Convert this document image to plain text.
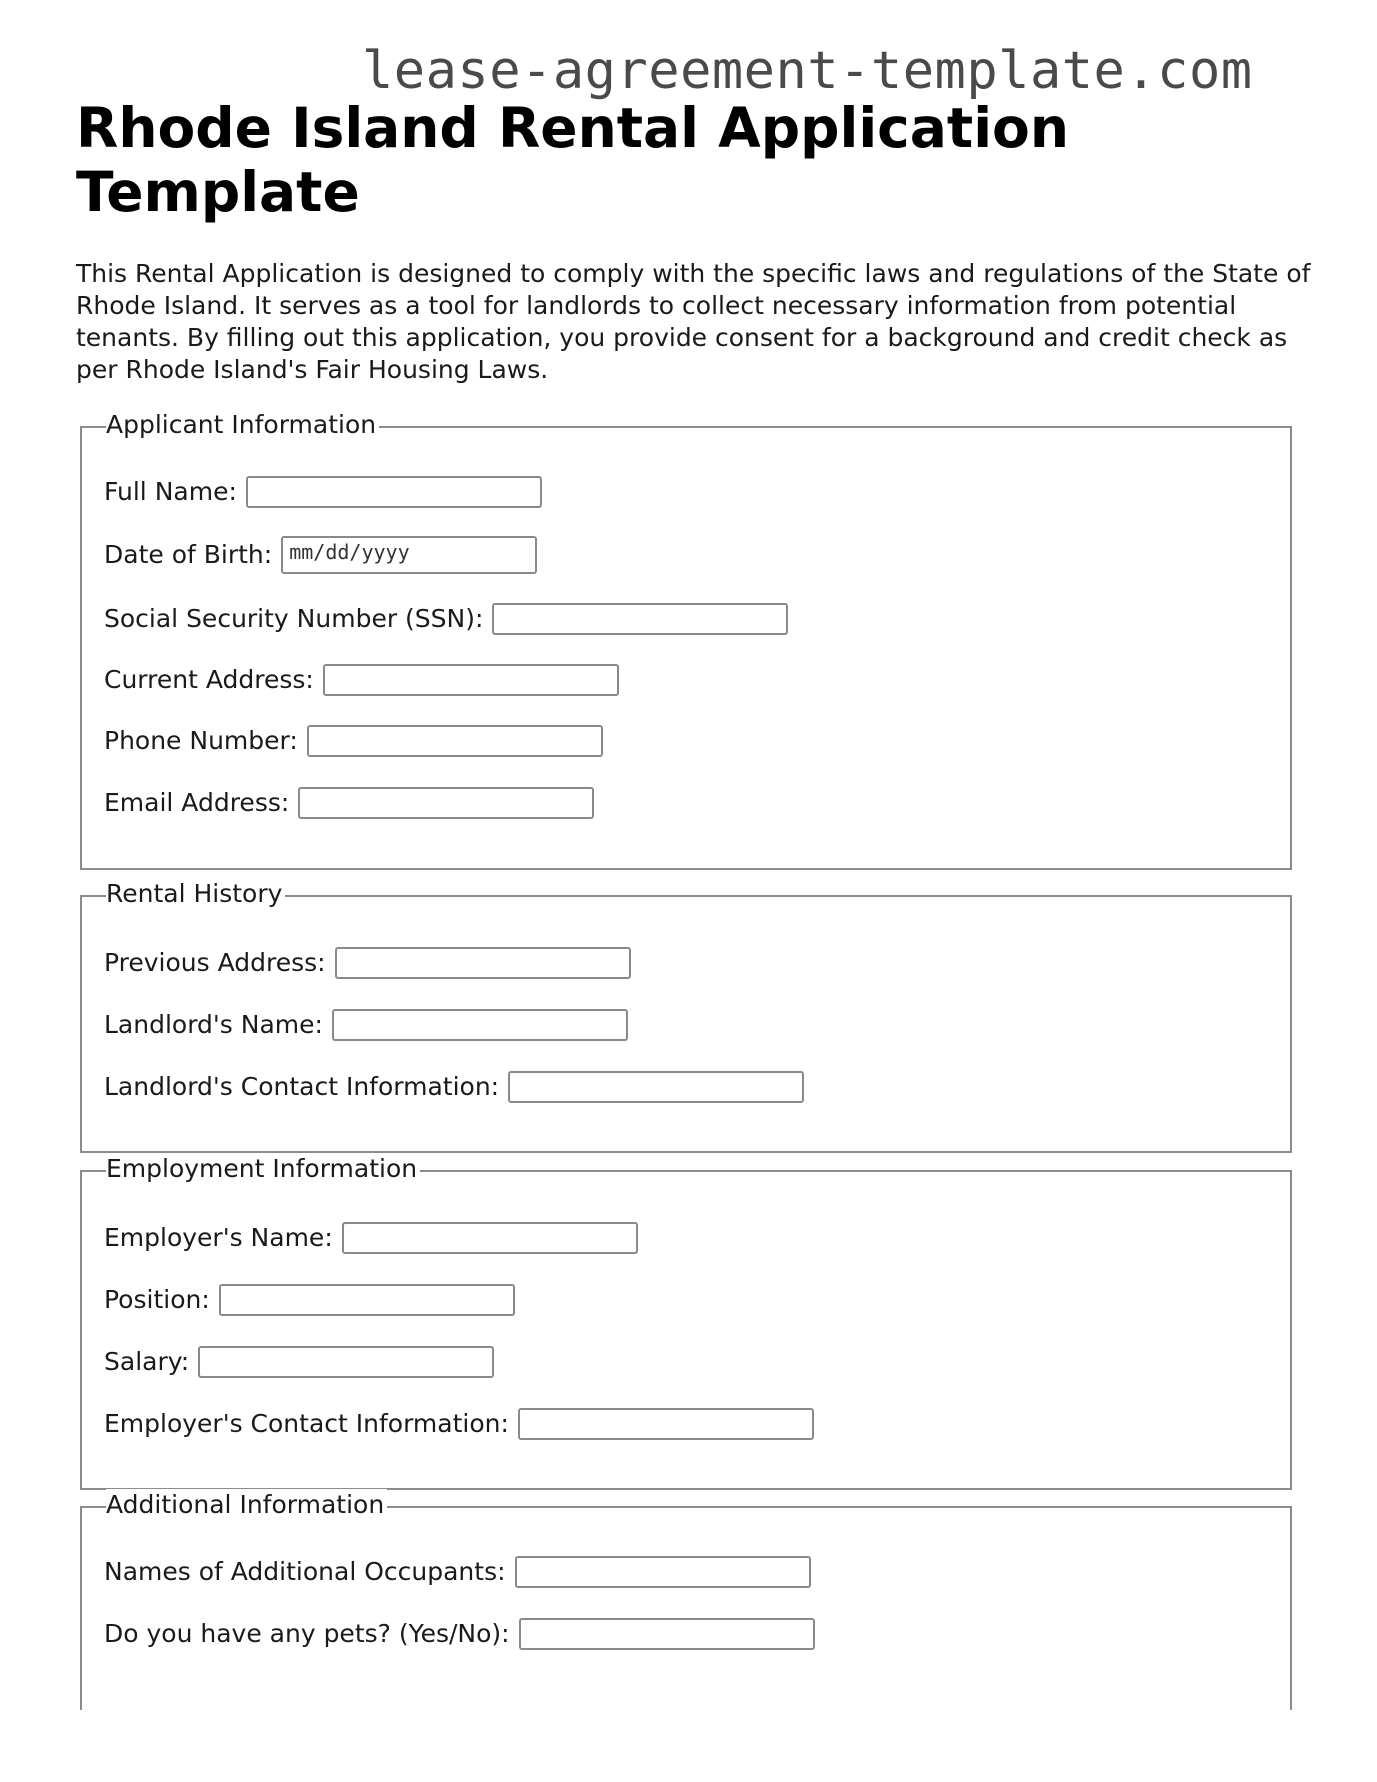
lease-agreement-template.com
Rhode Island Rental Application Template

This Rental Application is designed to comply with the specific laws and regulations of the State of Rhode Island. It serves as a tool for landlords to collect necessary information from potential tenants. By filling out this application, you provide consent for a background and credit check as per Rhode Island's Fair Housing Laws.

Applicant Information
Full Name:
Date of Birth: mm/dd/yyyy
Social Security Number (SSN):
Current Address:
Phone Number:
Email Address:
Rental History
Previous Address:
Landlord's Name:
Landlord's Contact Information:
Employment Information
Employer's Name:
Position:
Salary:
Employer's Contact Information:
Additional Information
Names of Additional Occupants:
Do you have any pets? (Yes/No):
